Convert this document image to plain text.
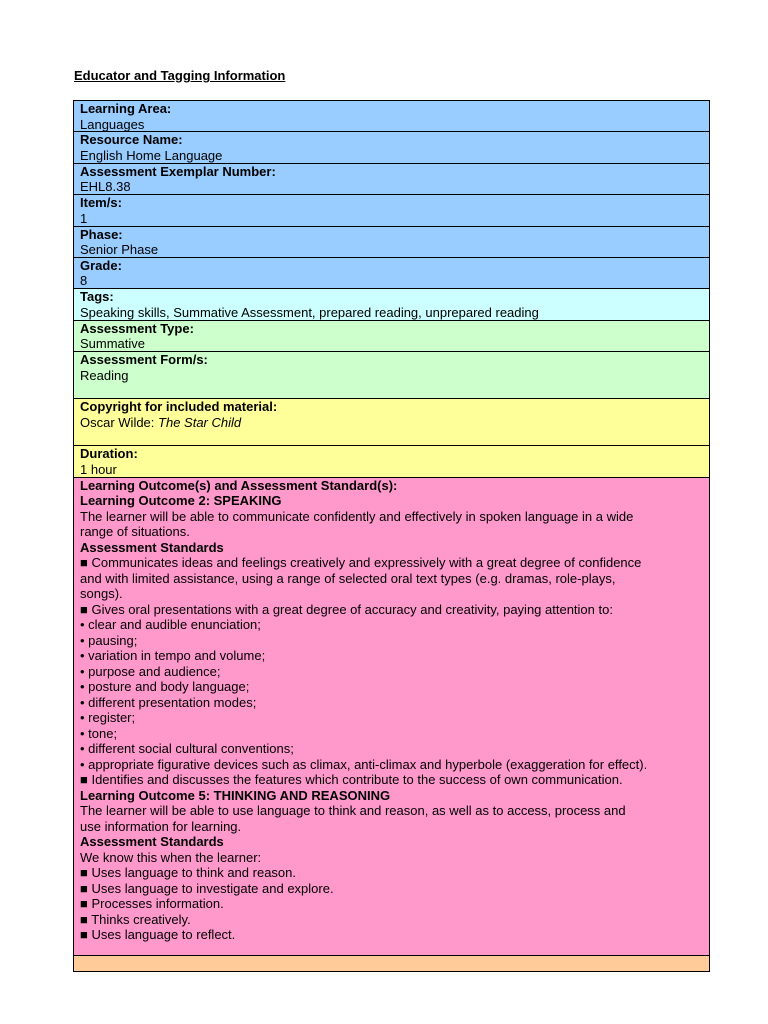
Educator and Tagging Information
Learning Area:
Languages
Resource Name:
English Home Language
Assessment Exemplar Number:
EHL8.38
Item/s:
1
Phase:
Senior Phase
Grade:
8
Tags:
Speaking skills, Summative Assessment, prepared reading, unprepared reading
Assessment Type:
Summative
Assessment Form/s:
Reading
Copyright for included material:
Oscar Wilde: The Star Child
Duration:
1 hour
Learning Outcome(s) and Assessment Standard(s):
Learning Outcome 2: SPEAKING
The learner will be able to communicate confidently and effectively in spoken language in a wide
range of situations.
Assessment Standards
■ Communicates ideas and feelings creatively and expressively with a great degree of confidence
and with limited assistance, using a range of selected oral text types (e.g. dramas, role-plays,
songs).
■ Gives oral presentations with a great degree of accuracy and creativity, paying attention to:
• clear and audible enunciation;
• pausing;
• variation in tempo and volume;
• purpose and audience;
• posture and body language;
• different presentation modes;
• register;
• tone;
• different social cultural conventions;
• appropriate figurative devices such as climax, anti-climax and hyperbole (exaggeration for effect).
■ Identifies and discusses the features which contribute to the success of own communication.
Learning Outcome 5: THINKING AND REASONING
The learner will be able to use language to think and reason, as well as to access, process and
use information for learning.
Assessment Standards
We know this when the learner:
■ Uses language to think and reason.
■ Uses language to investigate and explore.
■ Processes information.
■ Thinks creatively.
■ Uses language to reflect.
